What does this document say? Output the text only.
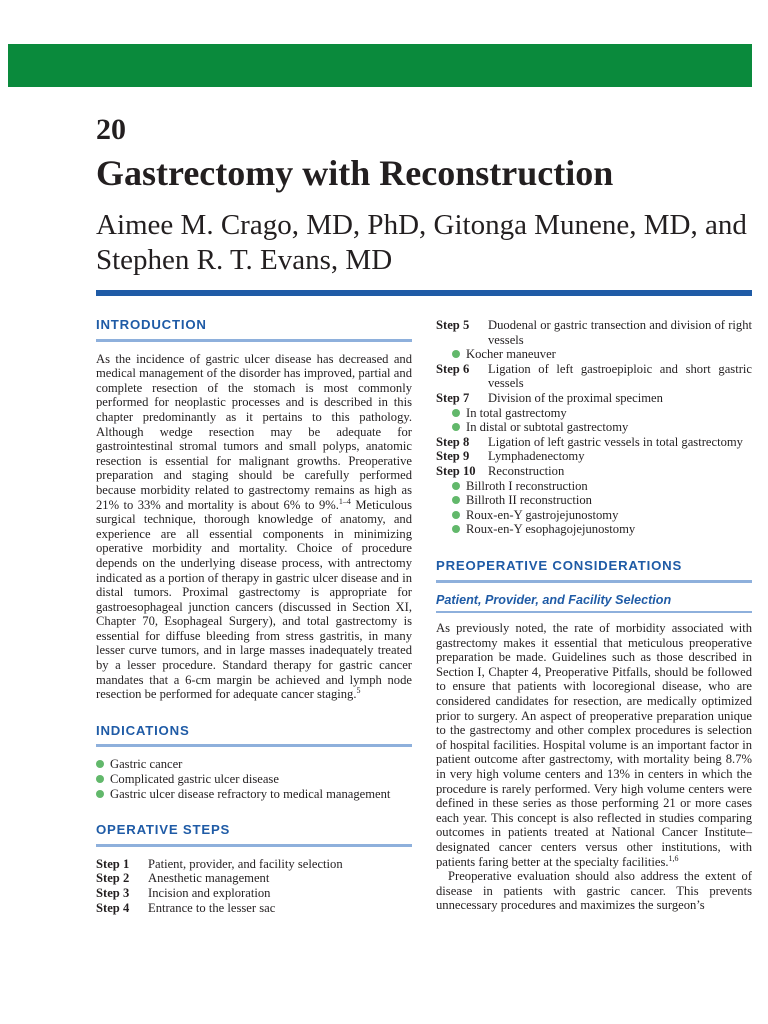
20
Gastrectomy with Reconstruction
Aimee M. Crago, MD, PhD, Gitonga Munene, MD, and Stephen R. T. Evans, MD
INTRODUCTION

As the incidence of gastric ulcer disease has decreased and medical management of the disorder has improved, partial and complete resection of the stomach is most commonly performed for neoplastic processes and is described in this chapter predominantly as it pertains to this pathology. Although wedge resection may be adequate for gastrointestinal stromal tumors and small polyps, anatomic resection is essential for malignant growths. Preoperative preparation and staging should be carefully performed because morbidity related to gastrectomy remains as high as 21% to 33% and mortality is about 6% to 9%.$^{1-4}$ Meticulous surgical technique, thorough knowledge of anatomy, and experience are all essential components in minimizing operative morbidity and mortality. Choice of procedure depends on the underlying disease process, with antrectomy indicated as a portion of therapy in gastric ulcer disease and in distal tumors. Proximal gastrectomy is appropriate for gastroesophageal junction cancers (discussed in Section XI, Chapter 70, Esophageal Surgery), and total gastrectomy is essential for diffuse bleeding from stress gastritis, in many lesser curve tumors, and in large masses inadequately treated by a lesser procedure. Standard therapy for gastric cancer mandates that a 6-cm margin be achieved and lymph node resection be performed for adequate cancer staging.$^5$

INDICATIONS
Gastric cancer
Complicated gastric ulcer disease
Gastric ulcer disease refractory to medical management
OPERATIVE STEPS
Step 1	Patient, provider, and facility selection
Step 2	Anesthetic management
Step 3	Incision and exploration
Step 4	Entrance to the lesser sac
Step 5	Duodenal or gastric transection and division of right vessels
Kocher maneuver
Step 6	Ligation of left gastroepiploic and short gastric vessels
Step 7	Division of the proximal specimen
In total gastrectomy
In distal or subtotal gastrectomy
Step 8	Ligation of left gastric vessels in total gastrectomy
Step 9	Lymphadenectomy
Step 10 Reconstruction
Billroth I reconstruction
Billroth II reconstruction
Roux-en-Y gastrojejunostomy
Roux-en-Y esophagojejunostomy
PREOPERATIVE CONSIDERATIONS
Patient, Provider, and Facility Selection

As previously noted, the rate of morbidity associated with gastrectomy makes it essential that meticulous preoperative preparation be made. Guidelines such as those described in Section I, Chapter 4, Preoperative Pitfalls, should be followed to ensure that patients with locoregional disease, who are considered candidates for resection, are medically optimized prior to surgery. An aspect of preoperative preparation unique to the gastrectomy and other complex procedures is selection of hospital facilities. Hospital volume is an important factor in patient outcome after gastrectomy, with mortality being 8.7% in very high volume centers and 13% in centers in which the procedure is rarely performed. Very high volume centers were defined in these series as those performing 21 or more cases each year. This concept is also reflected in studies comparing outcomes in patients treated at National Cancer Institute–designated cancer centers versus other institutions, with patients faring better at the specialty facilities.$^{1,6}$

Preoperative evaluation should also address the extent of disease in patients with gastric cancer. This prevents unnecessary procedures and maximizes the surgeon’s
